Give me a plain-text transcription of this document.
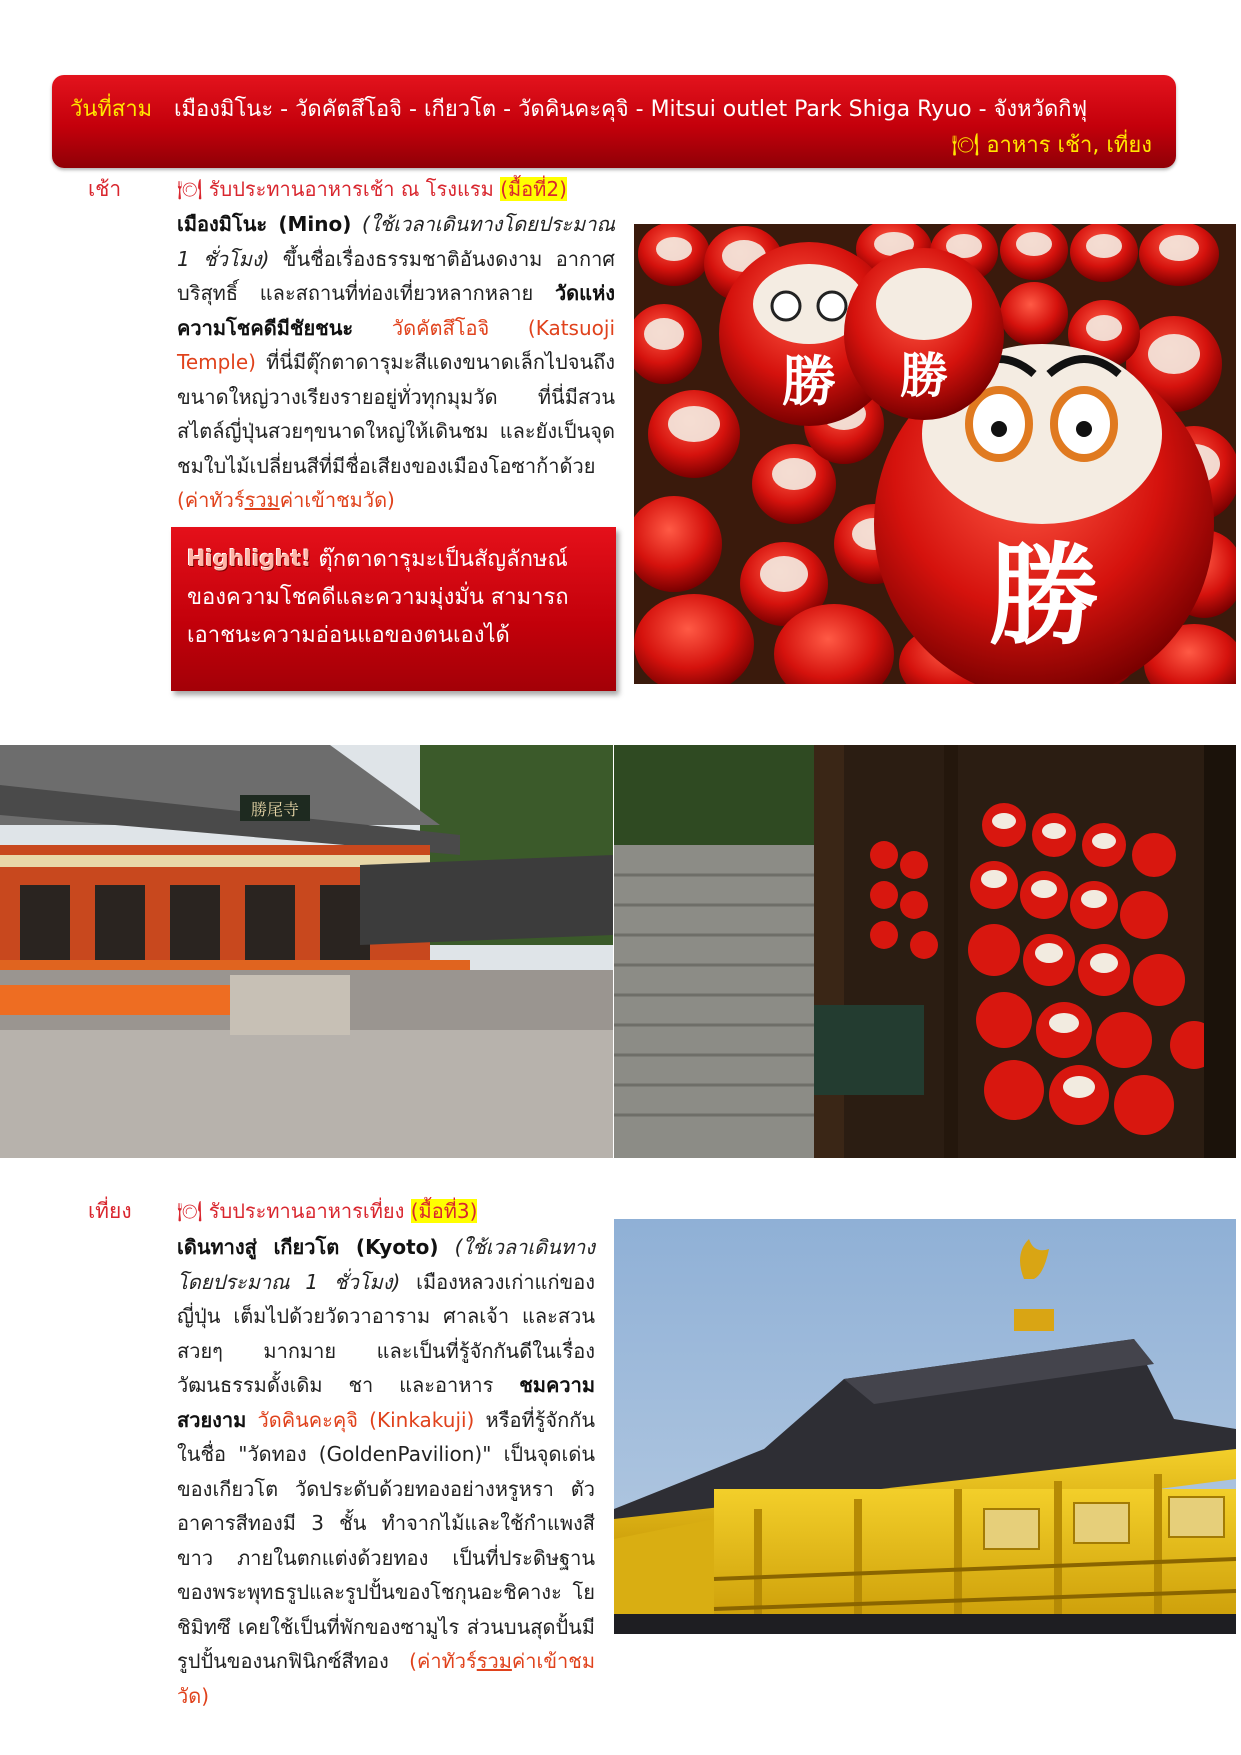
วันที่สาม เมืองมิโนะ - วัดคัตสึโอจิ - เกียวโต - วัดคินคะคุจิ - Mitsui outlet Park Shiga Ryuo - จังหวัดกิฟุ
🍽 อาหาร เช้า, เที่ยง
เช้า	🍽 รับประทานอาหารเช้า ณ โรงแรม (มื้อที่2)
เมืองมิโนะ (Mino) (ใช้เวลาเดินทางโดยประมาณ 1 ชั่วโมง) ขึ้นชื่อเรื่องธรรมชาติอันงดงาม อากาศบริสุทธิ์ และสถานที่ท่องเที่ยวหลากหลาย วัดแห่งความโชคดีมีชัยชนะ วัดคัตสึโอจิ (Katsuoji Temple) ที่นี่มีตุ๊กตาดารุมะสีแดงขนาดเล็กไปจนถึงขนาดใหญ่วางเรียงรายอยู่ทั่วทุกมุมวัด ที่นี่มีสวนสไตล์ญี่ปุ่นสวยๆขนาดใหญ่ให้เดินชม และยังเป็นจุดชมใบไม้เปลี่ยนสีที่มีชื่อเสียงของเมืองโอซาก้าด้วย (ค่าทัวร์รวมค่าเข้าชมวัด)
Highlight! ตุ๊กตาดารุมะเป็นสัญลักษณ์ของความโชคดีและความมุ่งมั่น สามารถเอาชนะความอ่อนแอของตนเองได้
勝
勝
勝
勝尾寺
เที่ยง 🍽 รับประทานอาหารเที่ยง (มื้อที่3)
เดินทางสู่ เกียวโต (Kyoto) (ใช้เวลาเดินทางโดยประมาณ 1 ชั่วโมง) เมืองหลวงเก่าแก่ของญี่ปุ่น เต็มไปด้วยวัดวาอาราม ศาลเจ้า และสวนสวยๆ มากมาย และเป็นที่รู้จักกันดีในเรื่องวัฒนธรรมดั้งเดิม ชา และอาหาร ชมความสวยงาม วัดคินคะคุจิ (Kinkakuji) หรือที่รู้จักกันในชื่อ "วัดทอง (GoldenPavilion)" เป็นจุดเด่นของเกียวโต วัดประดับด้วยทองอย่างหรูหรา ตัวอาคารสีทองมี 3 ชั้น ทำจากไม้และใช้กำแพงสีขาว ภายในตกแต่งด้วยทอง เป็นที่ประดิษฐานของพระพุทธรูปและรูปปั้นของโชกุนอะชิคางะ โยชิมิทซึ เคยใช้เป็นที่พักของซามูไร ส่วนบนสุดปั้นมีรูปปั้นของนกฟินิกซ์สีทอง (ค่าทัวร์รวมค่าเข้าชมวัด)
